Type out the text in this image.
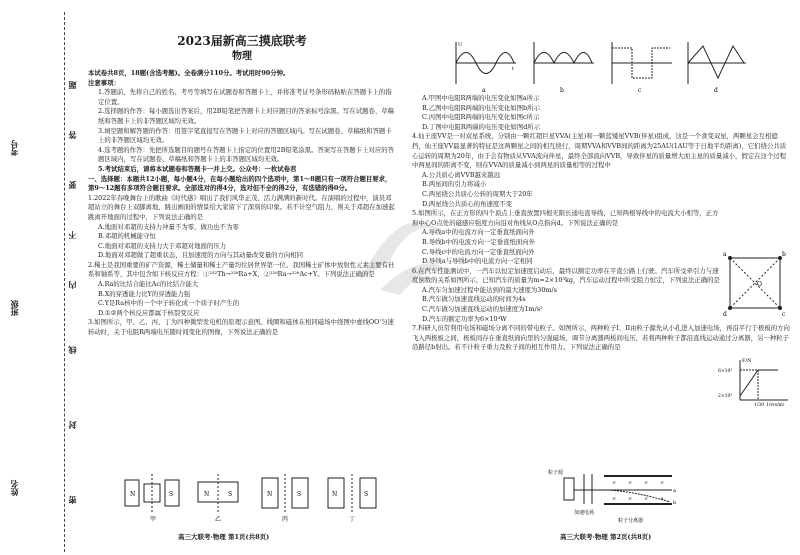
姓名
班级
考号
密
封
线
内
不
要
答
题
2023届新高三摸底联考
物理

本试卷共8页，18题(含选考题)。全卷满分110分。考试用时90分钟。

注意事项：

1.答题前，先将自己的姓名、考号等填写在试题卷和答题卡上，并将准考证号条形码粘贴在答题卡上的指定位置。

2.选择题的作答：每小题选出答案后，用2B铅笔把答题卡上对应题目的答案标号涂黑。写在试题卷、草稿纸和答题卡上的非答题区域均无效。

3.填空题和解答题的作答：用签字笔直接写在答题卡上对应的答题区域内。写在试题卷、草稿纸和答题卡上的非答题区域均无效。

4.选考题的作答：先把所选题目的题号在答题卡上指定的位置用2B铅笔涂黑。答案写在答题卡上对应的答题区域内，写在试题卷、草稿纸和答题卡上的非答题区域均无效。

5.考试结束后，请将本试题卷和答题卡一并上交。公众号：一枚试卷君

一、选择题：本题共12小题，每小题4分，在每小题给出的四个选项中，第1～8题只有一项符合题目要求，第9～12题有多项符合题目要求。全部选对的得4分，选对但不全的得2分，有选错的得0分。

1.2022年春晚舞台上的歌曲《时代感》唱出了我们风华正茂、活力满满的新时代。在演唱的过程中，演员邓超站立的舞台上双脚离地，跳出画面的情景给大家留下了深刻的印象。若不计空气阻力，则关于邓超在加速起跳离开地面的过程中，下列说法正确的是

A.地面对邓超的支持力冲量不为零，做功也不为零

B.邓超的机械能守恒

C.地面对邓超的支持力大于邓超对地面的压力

D.地面对邓超做了超重状态，且加速度的方向与其动量改变量的方向相同

2.稀土是我国重要的矿产资源，稀土储量和稀土产量均位居世界第一位。我国稀土矿体中放射性元素主要有钍系和铀系等，其中包含如下核反应方程：①²³²Th→²²⁸Ra+X，②²²⁸Ra→²²⁸Ac+Y。下列说法正确的是

A.Ra的比结合能比Ac的比结合能大

B.X的穿透能力比Y的穿透能力强

C.Y是Ra核中的一个中子转化成一个质子时产生的

D.①②两个核反应都属于核裂变反应

3.如图所示，甲、乙、丙、丁为四种微型发电机的原理示意图。线圈和磁体在相同磁场中绕图中虚线OO'匀速转动时，关于电阻R两端电压随时间变化的图像，下列说法正确的是

N	S	N	S	N	S	N	S
甲	乙	丙	丁
U
t
a	b	c	d

A.甲图中电阻R两端的电压变化如图a所示

B.乙图中电阻R两端的电压变化如图b所示

C.丙图中电阻R两端的电压变化如图c所示

D.丁图中电阻R两端的电压变化如图d所示

4.仙王座VV是一对双星系统，分别由一颗红超巨星VVA(主星)和一颗蓝矮星VVB(伴星)组成，这是一个食变双星，两颗星会互相遮挡，仙王座VV最显著的特征是这两颗星之间的相互绕行，周期VVA和VVB间的距离为25AU(1AU等于日地平均距离)，它们绕公共质心运转的周期为20年，由于会有物质从VVA流向伴星，最终全部流向VVB，导致伴星的质量增大而主星的质量减小，假定在这个过程中两星间的距离不变，则在VVA的质量减小到两星的质量相等的过程中

A.公共质心离VVB越来越远

B.两星间的引力将减小

C.两星绕公共质心公转的周期大于20年

D.两星绕公共质心的角速度不变

5.如图所示，在正方形的四个顶点上垂直放置四根无限长通电直导线，已知两根导线中的电流大小相等，正方形中心O点处的磁感应强度方向沿对角线从O点指向d。下列说法正确的是

A.导线a中的电流方向一定垂直纸面向外

B.导线b中的电流方向一定垂直纸面向外

C.导线c中的电流方向一定垂直纸面向外

D.导线a与导线b中的电流方向一定相同

6.在汽车性能测试中，一汽车以恒定加速度启动后，最终以额定功率在平直公路上行驶。汽车所受牵引力与速度倒数的关系如图所示，已知汽车的质量为m=2×10³kg，汽车运动过程中所受阻力恒定，下列说法正确的是

A.汽车匀加速过程中能达到的最大速度为30m/s

B.汽车做匀加速直线运动的时间为4s

C.汽车做匀加速直线运动的加速度为1m/s²

D.汽车的额定功率为6×10⁴W

7.科研人员常利用电场和磁场分离不同的带电粒子。如图所示，两种粒子I、II由粒子源先从小孔进入加速电场，再沿平行于极板的方向飞入两极板之间，极板间存在垂直纸面向里的匀强磁场，调节分离器两板间电压，若将两种粒子都沿直线运动通过分离器，另一种粒子沿路径b射出。若不计粒子重力及粒子间的相互作用力。下列说法正确的是

a	b
c
d
O
F/N
6×10³
2×10³
1/30 1/v(s/m)
× × × ×
× × × ×
粒子源
加速电场
粒子分离器
a
b
高三大联考·物理 第1页(共8页)	高三大联考·物理 第2页(共8页)
